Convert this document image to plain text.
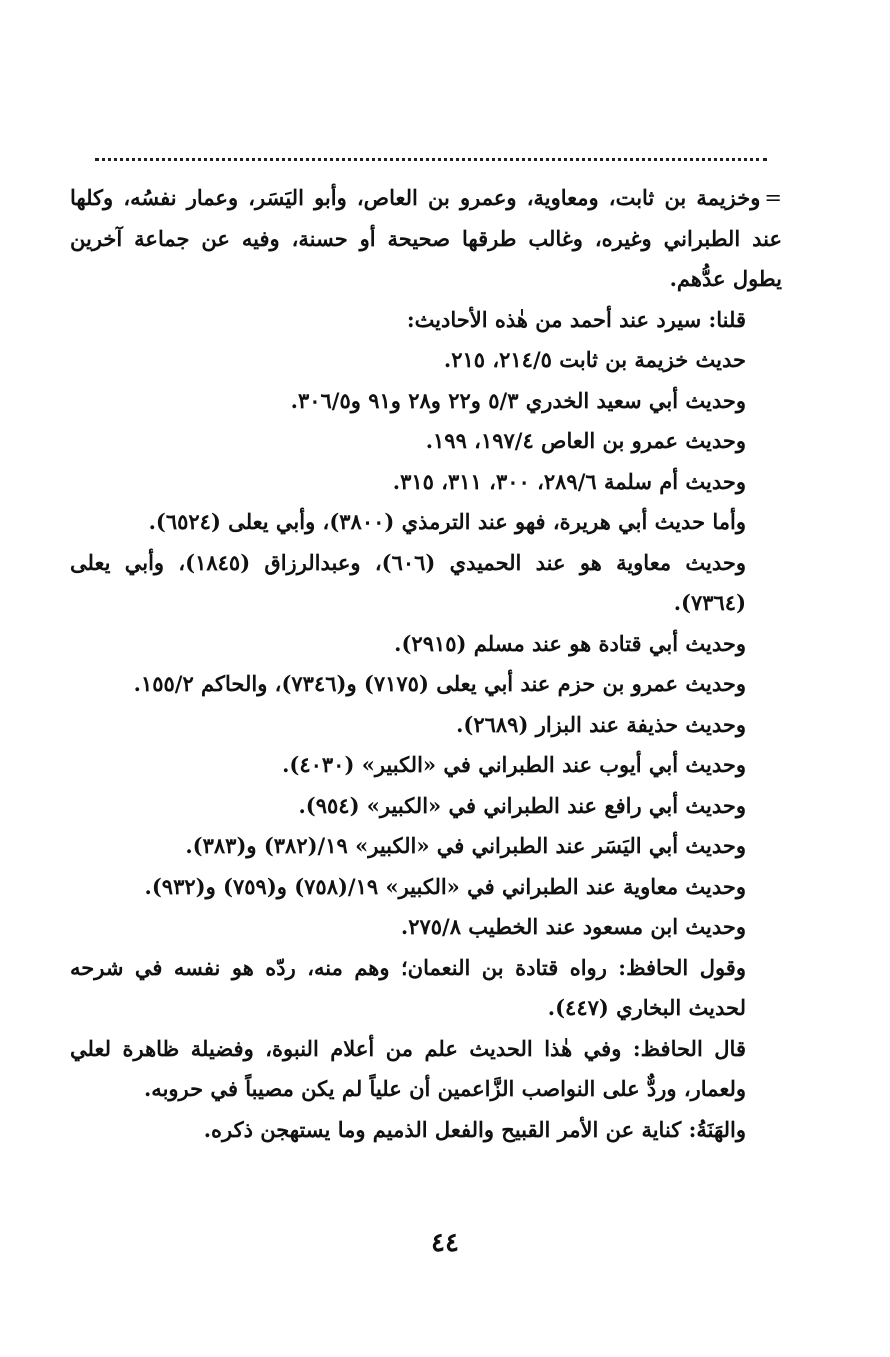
=وخزيمة بن ثابت، ومعاوية، وعمرو بن العاص، وأبو اليَسَر، وعمار نفسُه، وكلها عند الطبراني وغيره، وغالب طرقها صحيحة أو حسنة، وفيه عن جماعة آخرين يطول عدُّهم.

قلنا: سيرد عند أحمد من هٰذه الأحاديث:

حديث خزيمة بن ثابت ٢١٤/٥، ٢١٥.

وحديث أبي سعيد الخدري ٥/٣ و٢٢ و٢٨ و٩١ و٣٠٦/٥.

وحديث عمرو بن العاص ١٩٧/٤، ١٩٩.

وحديث أم سلمة ٢٨٩/٦، ٣٠٠، ٣١١، ٣١٥.

وأما حديث أبي هريرة، فهو عند الترمذي (٣٨٠٠)، وأبي يعلى (٦٥٢٤).

وحديث معاوية هو عند الحميدي (٦٠٦)، وعبدالرزاق (١٨٤٥)، وأبي يعلى (٧٣٦٤).

وحديث أبي قتادة هو عند مسلم (٢٩١٥).

وحديث عمرو بن حزم عند أبي يعلى (٧١٧٥) و(٧٣٤٦)، والحاكم ١٥٥/٢.

وحديث حذيفة عند البزار (٢٦٨٩).

وحديث أبي أيوب عند الطبراني في «الكبير» (٤٠٣٠).

وحديث أبي رافع عند الطبراني في «الكبير» (٩٥٤).

وحديث أبي اليَسَر عند الطبراني في «الكبير» ١٩/(٣٨٢) و(٣٨٣).

وحديث معاوية عند الطبراني في «الكبير» ١٩/(٧٥٨) و(٧٥٩) و(٩٣٢).

وحديث ابن مسعود عند الخطيب ٢٧٥/٨.

وقول الحافظ: رواه قتادة بن النعمان؛ وهم منه، ردّه هو نفسه في شرحه لحديث البخاري (٤٤٧).

قال الحافظ: وفي هٰذا الحديث علم من أعلام النبوة، وفضيلة ظاهرة لعلي ولعمار، وردٌّ على النواصب الزَّاعمين أن علياً لم يكن مصيباً في حروبه.

والهَنَةُ: كناية عن الأمر القبيح والفعل الذميم وما يستهجن ذكره.

٤٤
